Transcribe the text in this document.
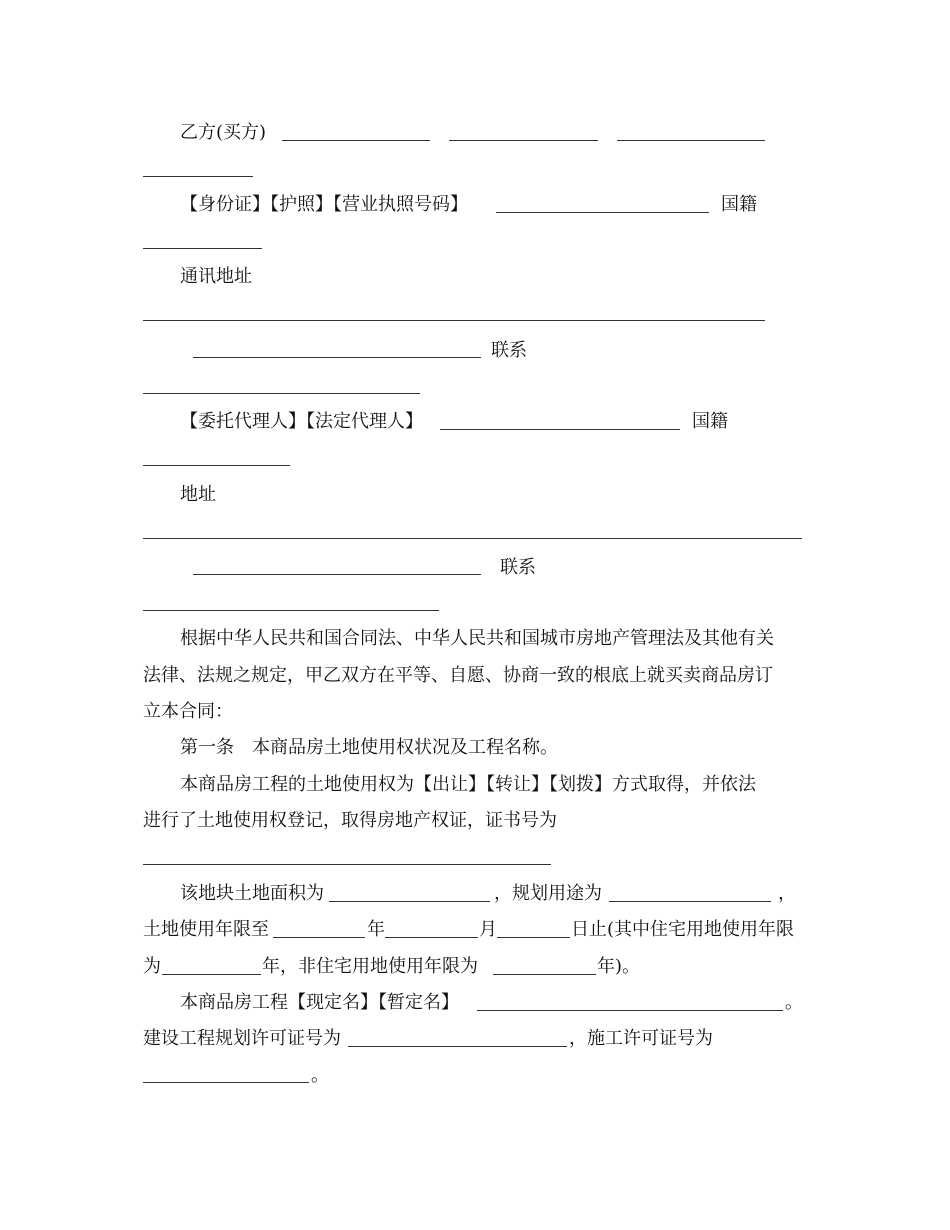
乙方(买方)
【身份证】【护照】【营业执照号码】	国籍
通讯地址
联系
【委托代理人】【法定代理人】	国籍
地址
联系
根据中华人民共和国合同法、中华人民共和国城市房地产管理法及其他有关
法律、法规之规定，甲乙双方在平等、自愿、协商一致的根底上就买卖商品房订
立本合同：
第一条　本商品房土地使用权状况及工程名称。
本商品房工程的土地使用权为【出让】【转让】【划拨】方式取得，并依法
进行了土地使用权登记，取得房地产权证，证书号为
该地块土地面积为	，规划用途为	，
土地使用年限至	年	月	日止(其中住宅用地使用年限
为	年，非住宅用地使用年限为	年)。
本商品房工程【现定名】【暂定名】	。
建设工程规划许可证号为	，施工许可证号为
。
